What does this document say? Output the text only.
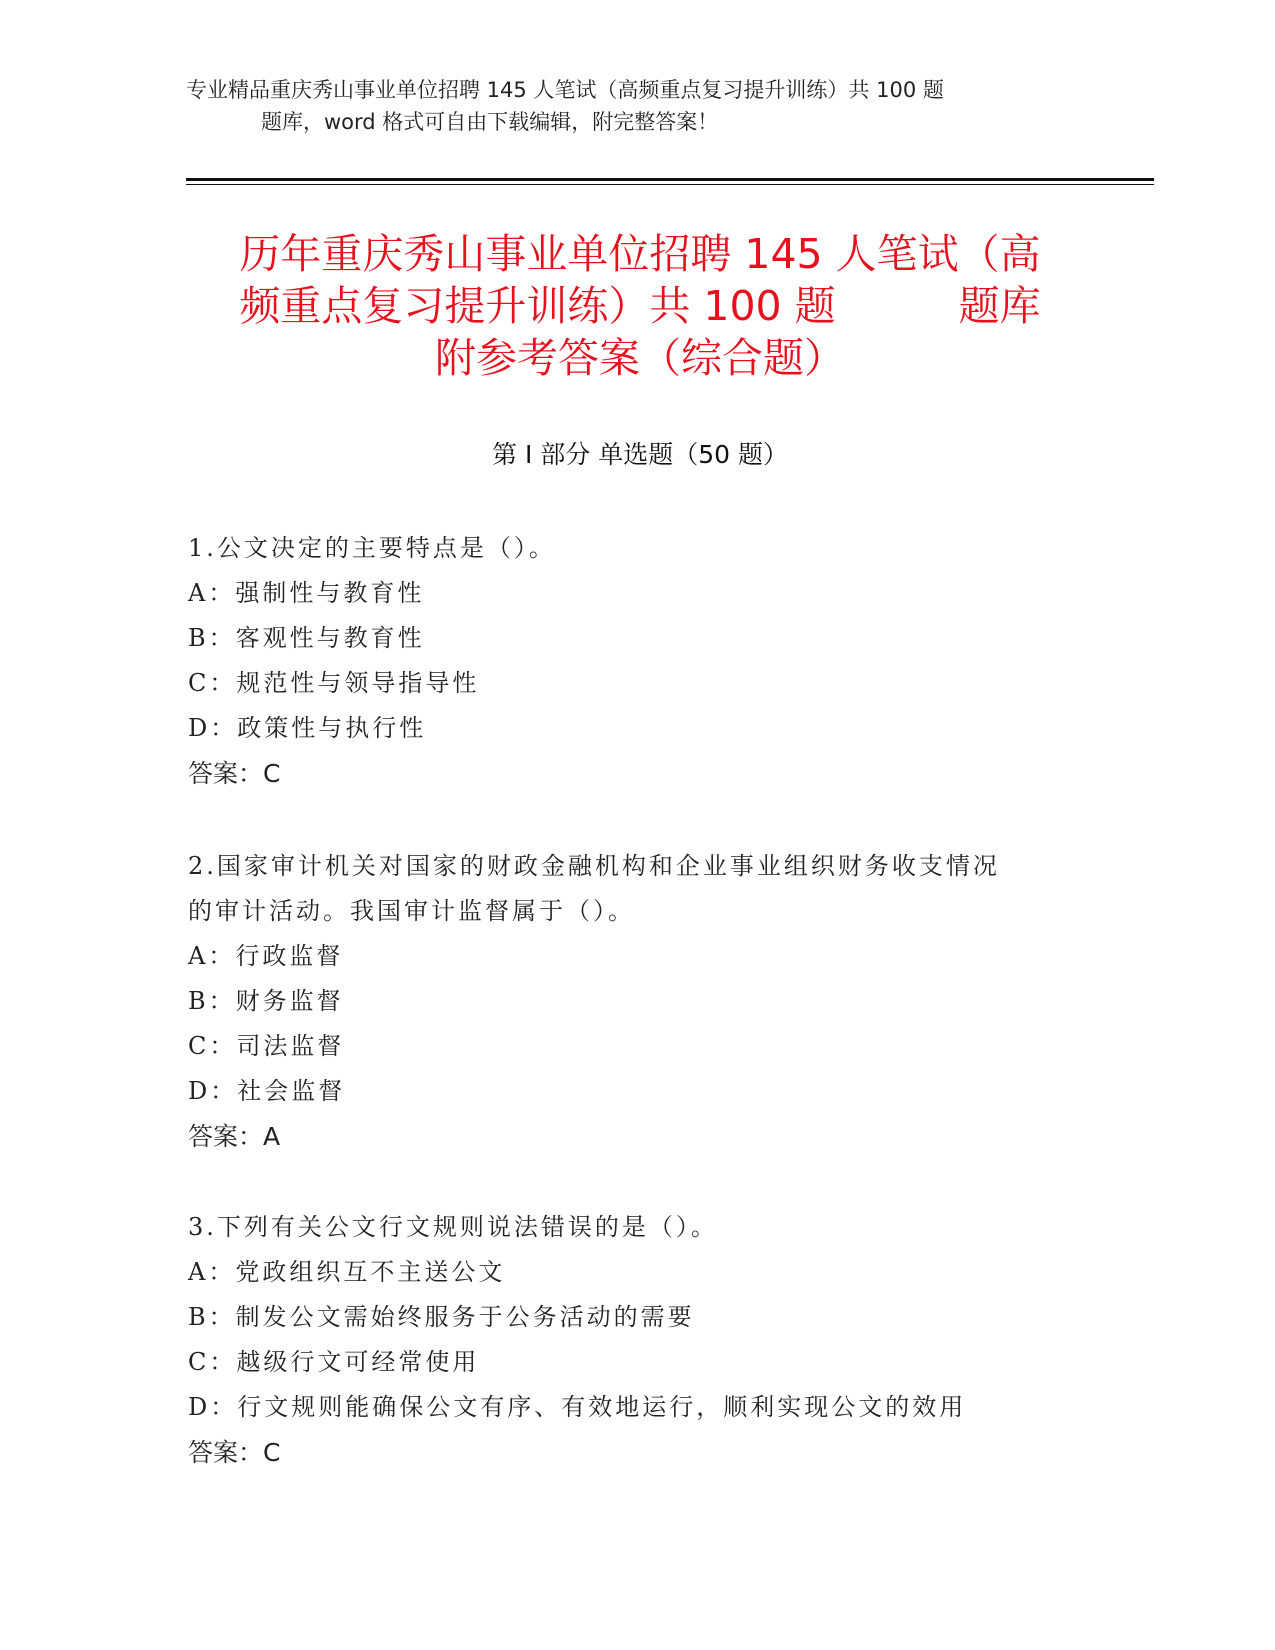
专业精品重庆秀山事业单位招聘 145 人笔试（高频重点复习提升训练）共 100 题
题库，word 格式可自由下载编辑，附完整答案！
历年重庆秀山事业单位招聘 145 人笔试（高
频重点复习提升训练）共 100 题　　　题库
附参考答案（综合题）
第 I 部分 单选题（50 题）
1.公文决定的主要特点是（）。
A：强制性与教育性
B：客观性与教育性
C：规范性与领导指导性
D：政策性与执行性
答案：C
2.国家审计机关对国家的财政金融机构和企业事业组织财务收支情况
的审计活动。我国审计监督属于（）。
A：行政监督
B：财务监督
C：司法监督
D：社会监督
答案：A
3.下列有关公文行文规则说法错误的是（）。
A：党政组织互不主送公文
B：制发公文需始终服务于公务活动的需要
C：越级行文可经常使用
D：行文规则能确保公文有序、有效地运行，顺利实现公文的效用
答案：C
